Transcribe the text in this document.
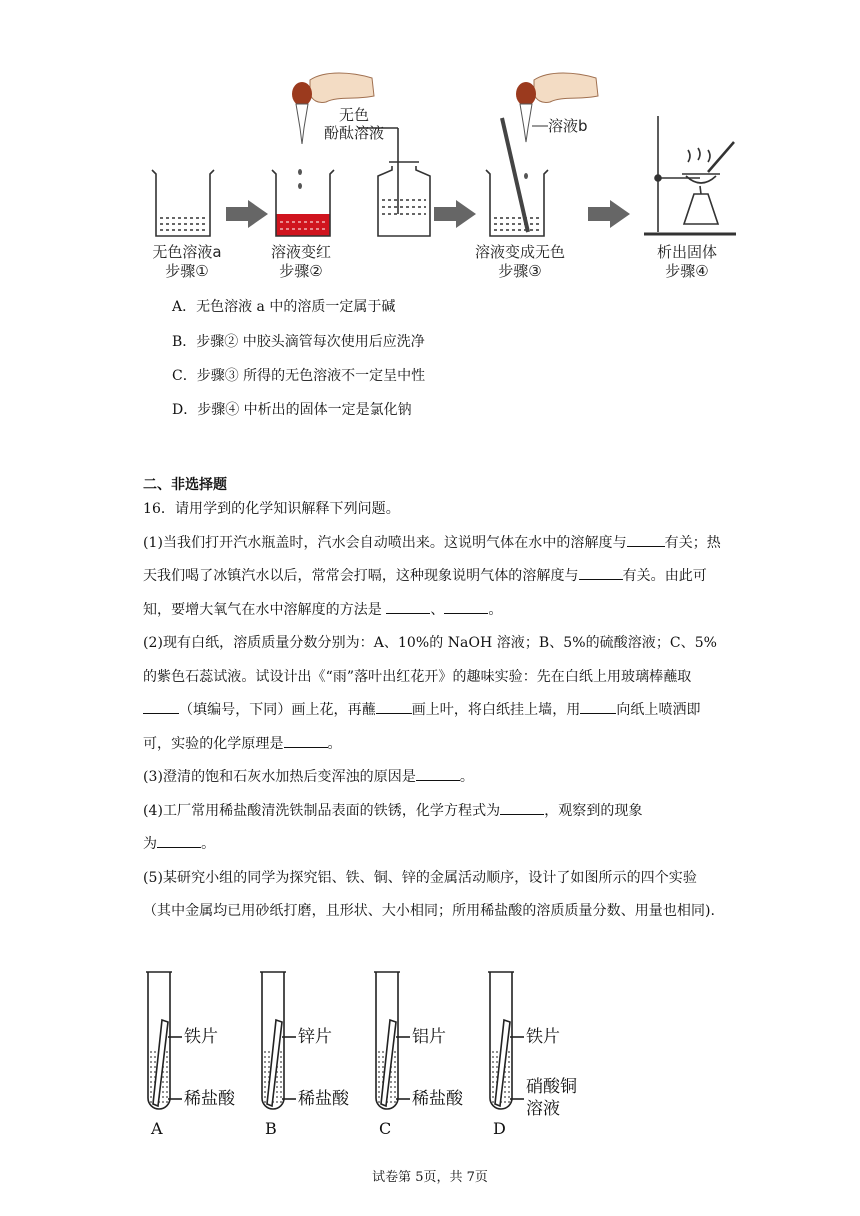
无色溶液a
步骤①
溶液变红
步骤②
无色
酚酞溶液	溶液b
溶液变成无色
步骤③
析出固体
步骤④
A．无色溶液 a 中的溶质一定属于碱
B．步骤② 中胶头滴管每次使用后应洗净
C．步骤③ 所得的无色溶液不一定呈中性
D．步骤④ 中析出的固体一定是氯化钠
二、非选择题

16．请用学到的化学知识解释下列问题。

(1)当我们打开汽水瓶盖时，汽水会自动喷出来。这说明气体在水中的溶解度与	有关；热天我们喝了冰镇汽水以后，常常会打嗝，这种现象说明气体的溶解度与	有关。由此可知，要增大氧气在水中溶解度的方法是	、	。

(2)现有白纸，溶质质量分数分别为：A、10%的 NaOH 溶液；B、5%的硫酸溶液；C、5%的紫色石蕊试液。试设计出《“雨”落叶出红花开》的趣味实验：先在白纸上用玻璃棒蘸取（填编号，下同）画上花，再蘸	画上叶，将白纸挂上墙，用	向纸上喷洒即可，实验的化学原理是	。

(3)澄清的饱和石灰水加热后变浑浊的原因是	。

(4)工厂常用稀盐酸清洗铁制品表面的铁锈，化学方程式为	，观察到的现象
为	。

(5)某研究小组的同学为探究铝、铁、铜、锌的金属活动顺序，设计了如图所示的四个实验（其中金属均已用砂纸打磨，且形状、大小相同；所用稀盐酸的溶质质量分数、用量也相同).

铁片
稀盐酸
A
锌片
稀盐酸
B
铝片
稀盐酸
C
铁片
硝酸铜
溶液
D
试卷第 5页，共 7页
